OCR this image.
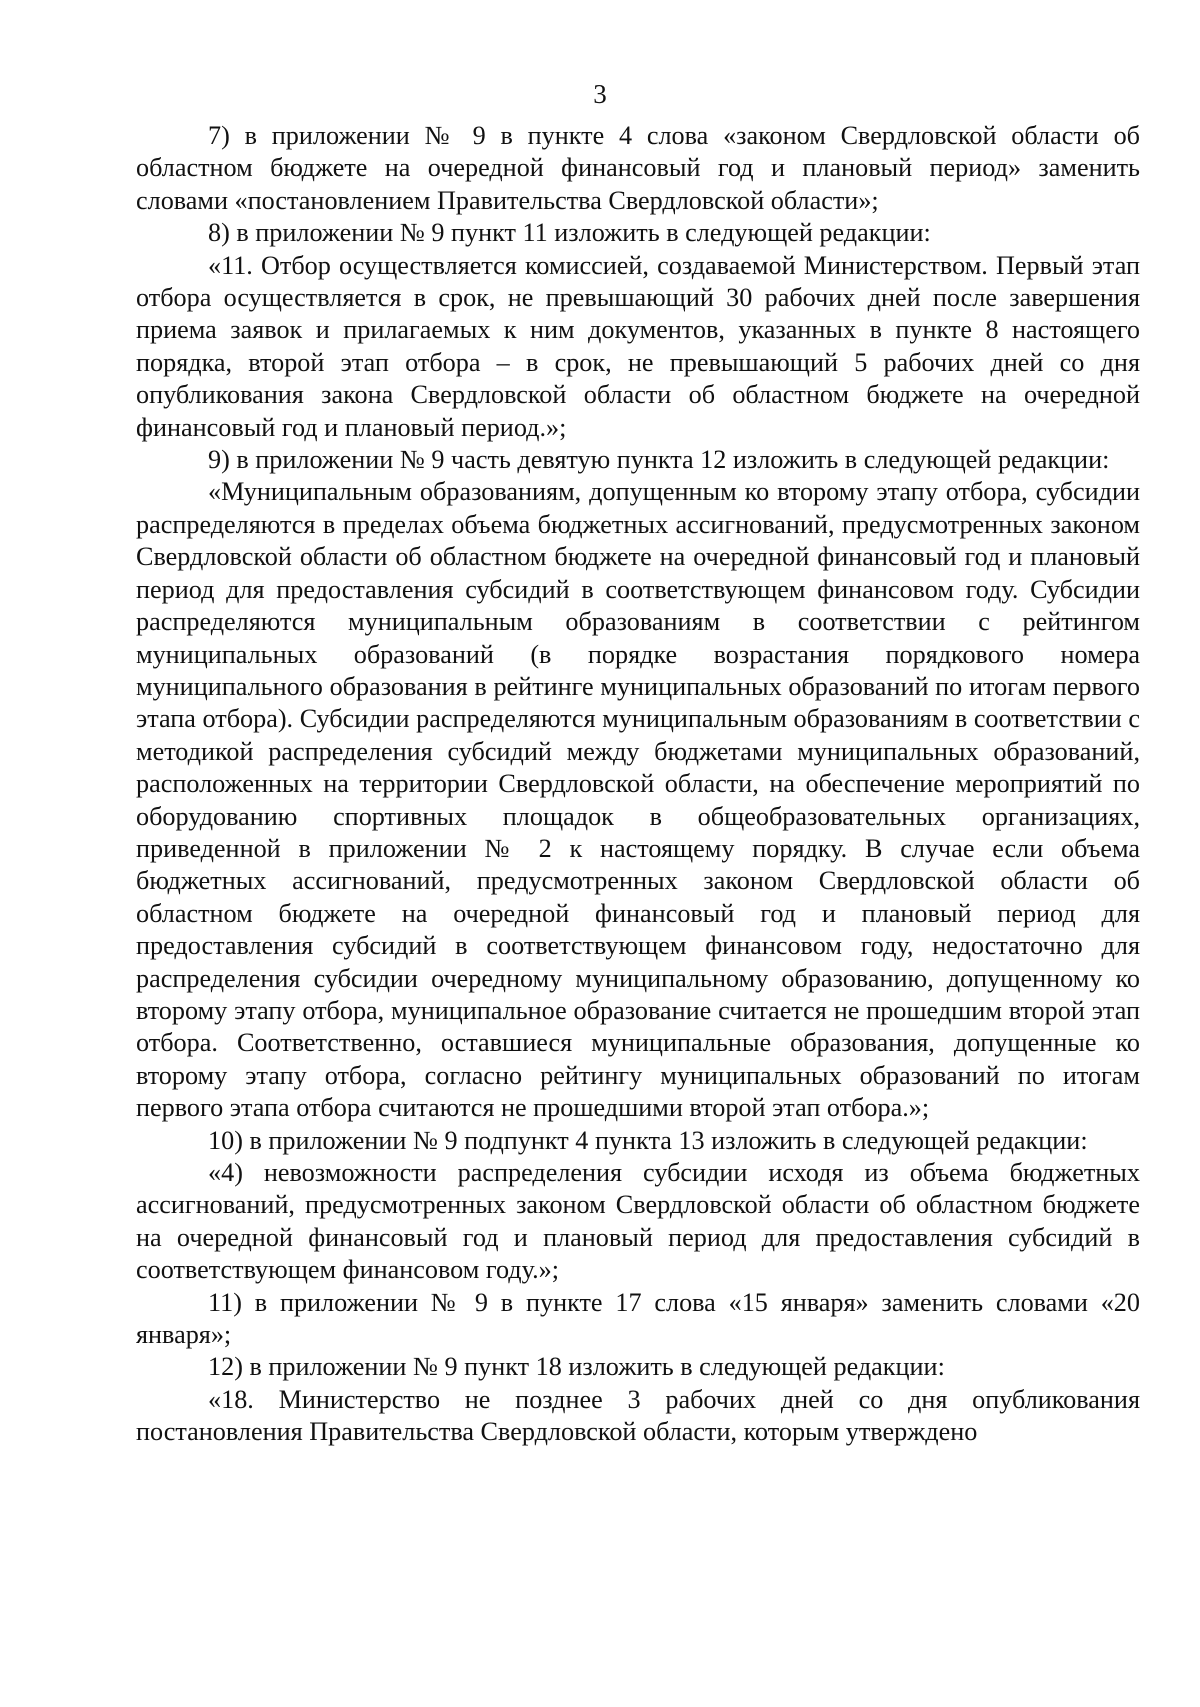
3

7) в приложении № 9 в пункте 4 слова «законом Свердловской области об областном бюджете на очередной финансовый год и плановый период» заменить словами «постановлением Правительства Свердловской области»;

8) в приложении № 9 пункт 11 изложить в следующей редакции:

«11. Отбор осуществляется комиссией, создаваемой Министерством. Первый этап отбора осуществляется в срок, не превышающий 30 рабочих дней после завершения приема заявок и прилагаемых к ним документов, указанных в пункте 8 настоящего порядка, второй этап отбора – в срок, не превышающий 5 рабочих дней со дня опубликования закона Свердловской области об областном бюджете на очередной финансовый год и плановый период.»;

9) в приложении № 9 часть девятую пункта 12 изложить в следующей редакции:

«Муниципальным образованиям, допущенным ко второму этапу отбора, субсидии распределяются в пределах объема бюджетных ассигнований, предусмотренных законом Свердловской области об областном бюджете на очередной финансовый год и плановый период для предоставления субсидий в соответствующем финансовом году. Субсидии распределяются муниципальным образованиям в соответствии с рейтингом муниципальных образований (в порядке возрастания порядкового номера муниципального образования в рейтинге муниципальных образований по итогам первого этапа отбора). Субсидии распределяются муниципальным образованиям в соответствии с методикой распределения субсидий между бюджетами муниципальных образований, расположенных на территории Свердловской области, на обеспечение мероприятий по оборудованию спортивных площадок в общеобразовательных организациях, приведенной в приложении № 2 к настоящему порядку. В случае если объема бюджетных ассигнований, предусмотренных законом Свердловской области об областном бюджете на очередной финансовый год и плановый период для предоставления субсидий в соответствующем финансовом году, недостаточно для распределения субсидии очередному муниципальному образованию, допущенному ко второму этапу отбора, муниципальное образование считается не прошедшим второй этап отбора. Соответственно, оставшиеся муниципальные образования, допущенные ко второму этапу отбора, согласно рейтингу муниципальных образований по итогам первого этапа отбора считаются не прошедшими второй этап отбора.»;

10) в приложении № 9 подпункт 4 пункта 13 изложить в следующей редакции:

«4) невозможности распределения субсидии исходя из объема бюджетных ассигнований, предусмотренных законом Свердловской области об областном бюджете на очередной финансовый год и плановый период для предоставления субсидий в соответствующем финансовом году.»;

11) в приложении № 9 в пункте 17 слова «15 января» заменить словами «20 января»;

12) в приложении № 9 пункт 18 изложить в следующей редакции:

«18. Министерство не позднее 3 рабочих дней со дня опубликования постановления Правительства Свердловской области, которым утверждено
